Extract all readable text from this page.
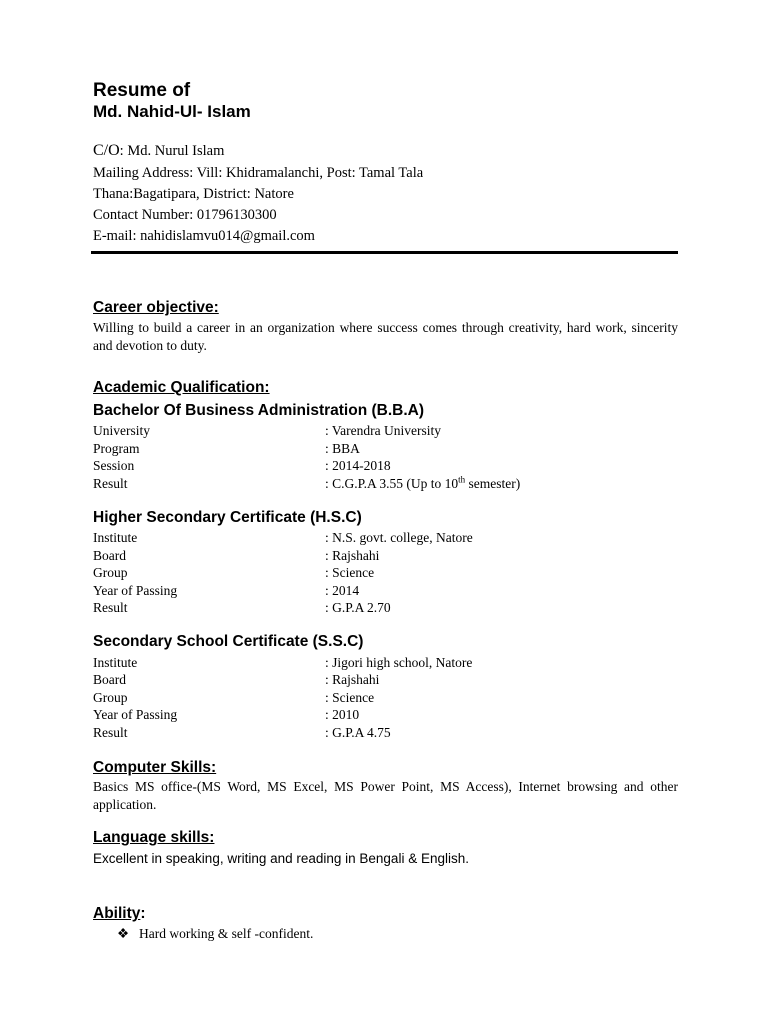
Resume of
Md. Nahid-Ul- Islam
C/O: Md. Nurul Islam
Mailing Address: Vill: Khidramalanchi, Post: Tamal Tala
Thana:Bagatipara, District: Natore
Contact Number: 01796130300
E-mail: nahidislamvu014@gmail.com
Career objective:
Willing to build a career in an organization where success comes through creativity, hard work, sincerity and devotion to duty.
Academic Qualification:
Bachelor Of Business Administration (B.B.A)
University	: Varendra University
Program	: BBA
Session	: 2014-2018
Result	: C.G.P.A 3.55 (Up to 10th semester)
Higher Secondary Certificate (H.S.C)
Institute	: N.S. govt. college, Natore
Board	: Rajshahi
Group	: Science
Year of Passing	: 2014
Result	: G.P.A 2.70
Secondary School Certificate (S.S.C)
Institute	: Jigori high school, Natore
Board	: Rajshahi
Group	: Science
Year of Passing	: 2010
Result	: G.P.A 4.75
Computer Skills:
Basics MS office-(MS Word, MS Excel, MS Power Point, MS Access), Internet browsing and other application.
Language skills:
Excellent in speaking, writing and reading in Bengali & English.
Ability:
❖ Hard working & self -confident.
